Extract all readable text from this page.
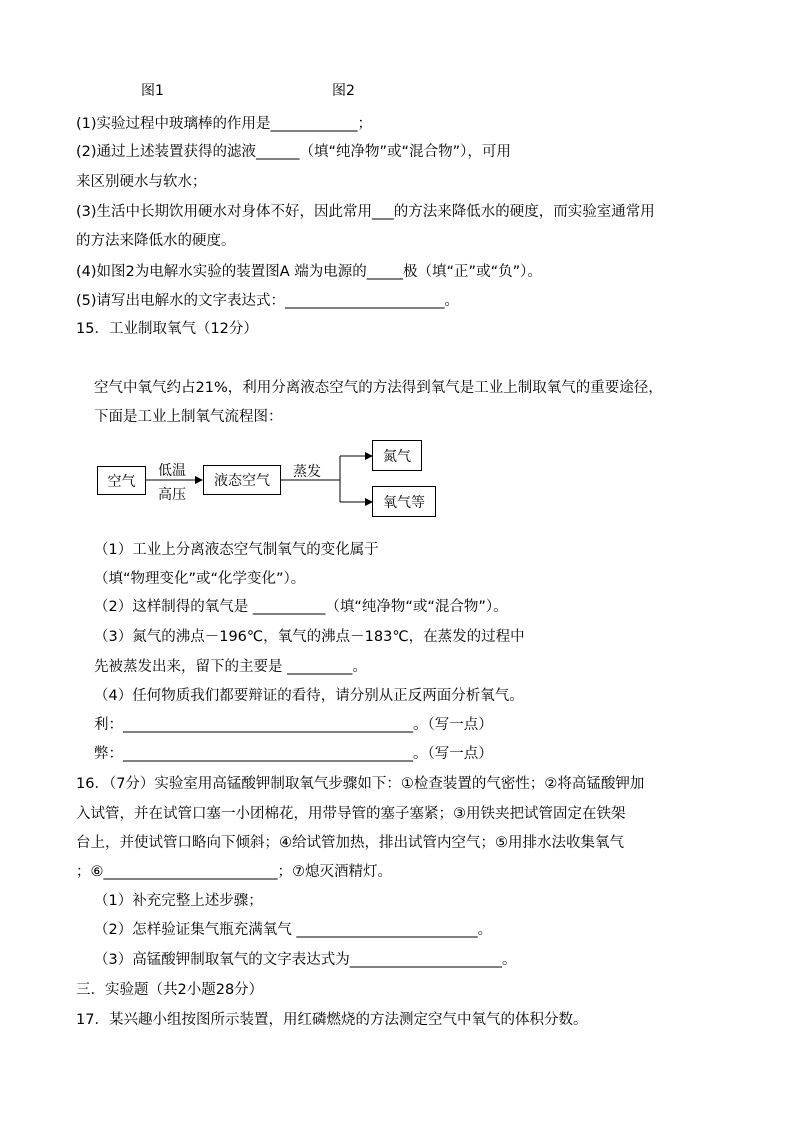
图1	图2
(1)实验过程中玻璃棒的作用是____________；
(2)通过上述装置获得的滤液______（填“纯净物”或“混合物”），可用
来区别硬水与软水；
(3)生活中长期饮用硬水对身体不好，因此常用___的方法来降低水的硬度，而实验室通常用
的方法来降低水的硬度。
(4)如图2为电解水实验的装置图A 端为电源的_____极（填“正”或“负”）。
(5)请写出电解水的文字表达式：______________________。
15．工业制取氧气（12分）
空气中氧气约占21%，利用分离液态空气的方法得到氧气是工业上制取氧气的重要途径，
下面是工业上制氧气流程图：
空气
低温
高压
液态空气
蒸发
氮气
氧气等
（1）工业上分离液态空气制氧气的变化属于
（填“物理变化”或“化学变化”）。
（2）这样制得的氧气是 __________（填“纯净物“或“混合物”）。
（3）氮气的沸点－196℃，氧气的沸点－183℃，在蒸发的过程中
先被蒸发出来，留下的主要是 _________。
（4）任何物质我们都要辩证的看待，请分别从正反两面分析氧气。
利：________________________________________。（写一点）
弊：________________________________________。（写一点）
16．（7分）实验室用高锰酸钾制取氧气步骤如下：①检查装置的气密性；②将高锰酸钾加
入试管，并在试管口塞一小团棉花，用带导管的塞子塞紧；③用铁夹把试管固定在铁架
台上，并使试管口略向下倾斜；④给试管加热，排出试管内空气；⑤用排水法收集氧气
；⑥________________________；⑦熄灭酒精灯。
（1）补充完整上述步骤；
（2）怎样验证集气瓶充满氧气 _________________________。
（3）高锰酸钾制取氧气的文字表达式为_____________________。
三．实验题（共2小题28分）
17．某兴趣小组按图所示装置，用红磷燃烧的方法测定空气中氧气的体积分数。
